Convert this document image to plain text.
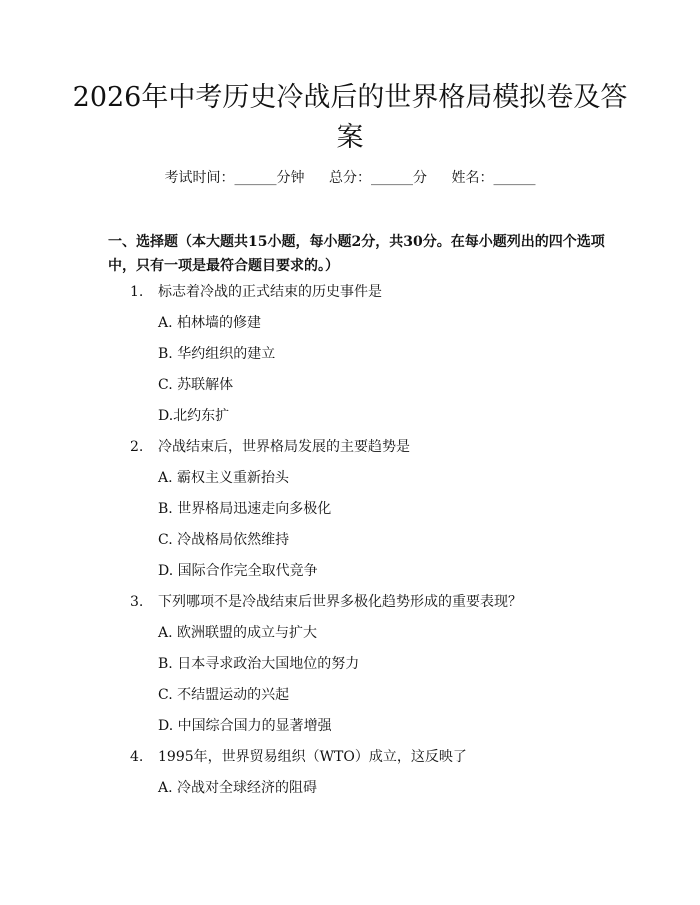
2026年中考历史冷战后的世界格局模拟卷及答案
考试时间：______分钟 总分：______分 姓名：______

一、选择题（本大题共15小题，每小题2分，共30分。在每小题列出的四个选项中，只有一项是最符合题目要求的。）

1. 标志着冷战的正式结束的历史事件是
A. 柏林墙的修建
B. 华约组织的建立
C. 苏联解体
D.北约东扩
2. 冷战结束后，世界格局发展的主要趋势是
A. 霸权主义重新抬头
B. 世界格局迅速走向多极化
C. 冷战格局依然维持
D. 国际合作完全取代竞争
3. 下列哪项不是冷战结束后世界多极化趋势形成的重要表现？
A. 欧洲联盟的成立与扩大
B. 日本寻求政治大国地位的努力
C. 不结盟运动的兴起
D. 中国综合国力的显著增强
4. 1995年，世界贸易组织（WTO）成立，这反映了
A. 冷战对全球经济的阻碍
